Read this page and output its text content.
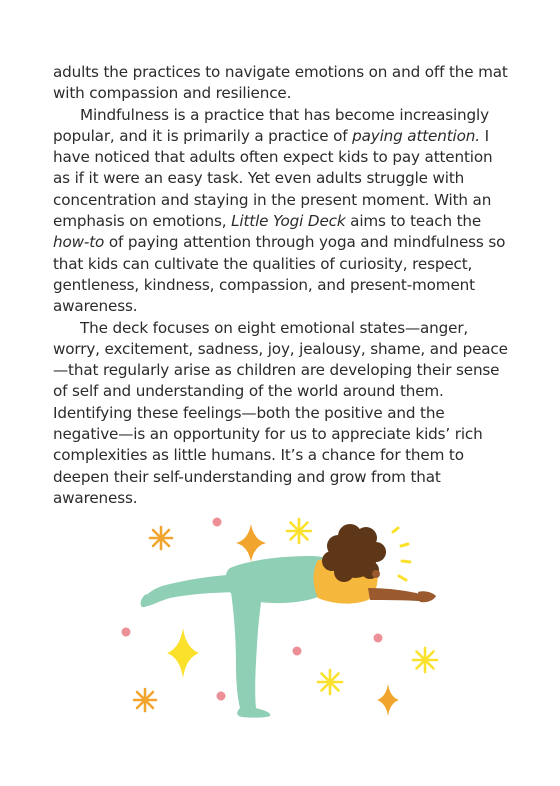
adults the practices to navigate emotions on and off the mat with compassion and resilience.

Mindfulness is a practice that has become increasingly popular, and it is primarily a practice of paying attention. I have noticed that adults often expect kids to pay attention as if it were an easy task. Yet even adults struggle with concentration and staying in the present moment. With an emphasis on emotions, Little Yogi Deck aims to teach the how-to of paying attention through yoga and mindfulness so that kids can cultivate the qualities of curiosity, respect, gentleness, kindness, compassion, and present-moment awareness.

The deck focuses on eight emotional states—anger, worry, excitement, sadness, joy, jealousy, shame, and peace—that regularly arise as children are developing their sense of self and understanding of the world around them. Identifying these feelings—both the positive and the negative—is an opportunity for us to appreciate kids’ rich complexities as little humans. It’s a chance for them to deepen their self-understanding and grow from that awareness.
